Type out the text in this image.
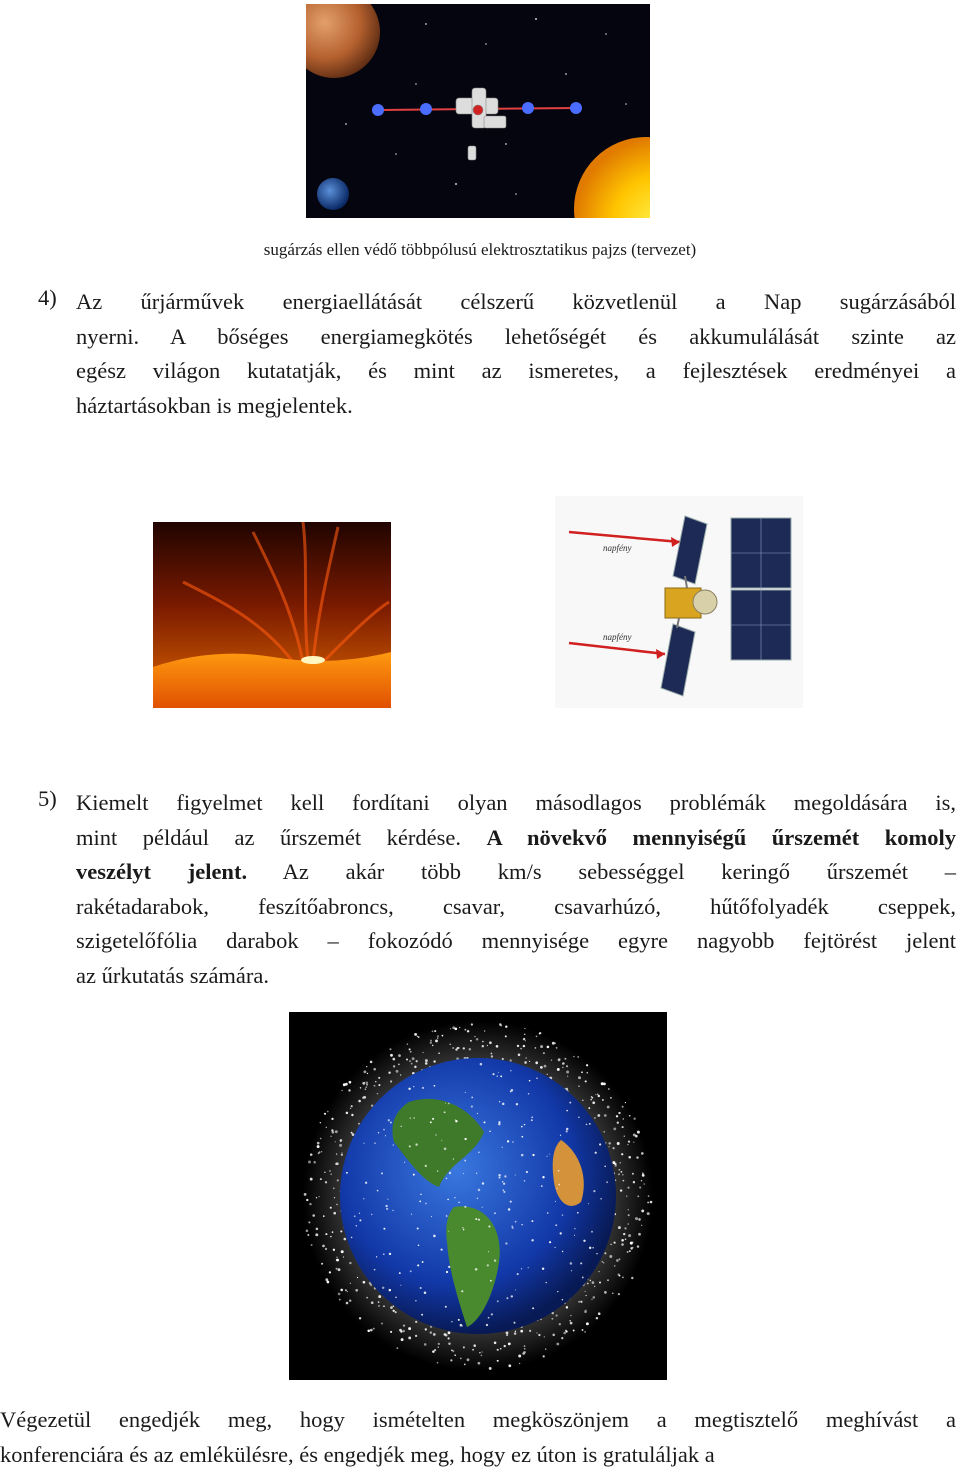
sugárzás ellen védő többpólusú elektrosztatikus pajzs (tervezet)
4) Az űrjárművek energiaellátását célszerű közvetlenül a Nap sugárzásából
nyerni. A bőséges energiamegkötés lehetőségét és akkumulálását szinte az
egész világon kutatatják, és mint az ismeretes, a fejlesztések eredményei a
háztartásokban is megjelentek.
napfény
napfény
5) Kiemelt figyelmet kell fordítani olyan másodlagos problémák megoldására is,
mint például az űrszemét kérdése. A növekvő mennyiségű űrszemét komoly
veszélyt jelent. Az akár több km/s sebességgel keringő űrszemét –
rakétadarabok, feszítőabroncs, csavar, csavarhúzó, hűtőfolyadék cseppek,
szigetelőfólia darabok – fokozódó mennyisége egyre nagyobb fejtörést jelent
az űrkutatás számára.
Végezetül engedjék meg, hogy ismételten megköszönjem a megtisztelő meghívást a
konferenciára és az emlékülésre, és engedjék meg, hogy ez úton is gratuláljak a
